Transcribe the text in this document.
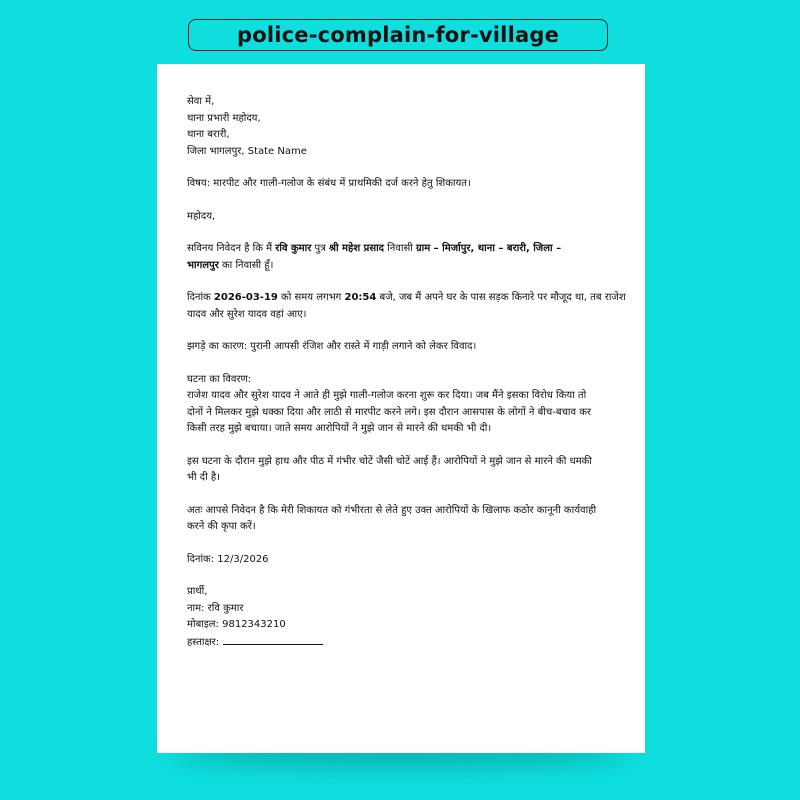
police-complain-for-village
सेवा में,
थाना प्रभारी महोदय,
थाना बरारी,
जिला भागलपुर, State Name
विषय: मारपीट और गाली-गलोज के संबंध में प्राथमिकी दर्ज करने हेतु शिकायत।
महोदय,
सविनय निवेदन है कि मैं रवि कुमार पुत्र श्री महेश प्रसाद निवासी ग्राम – मिर्जापुर, थाना – बरारी, जिला –
भागलपुर का निवासी हूँ।
दिनांक 2026-03-19 को समय लगभग 20:54 बजे, जब मैं अपने घर के पास सड़क किनारे पर मौजूद था, तब राजेश
यादव और सुरेश यादव वहां आए।
झगड़े का कारण: पुरानी आपसी रंजिश और रास्ते में गाड़ी लगाने को लेकर विवाद।
घटना का विवरण:
राजेश यादव और सुरेश यादव ने आते ही मुझे गाली-गलोज करना शुरू कर दिया। जब मैंने इसका विरोध किया तो
दोनों ने मिलकर मुझे धक्का दिया और लाठी से मारपीट करने लगे। इस दौरान आसपास के लोगों ने बीच-बचाव कर
किसी तरह मुझे बचाया। जाते समय आरोपियों ने मुझे जान से मारने की धमकी भी दी।
इस घटना के दौरान मुझे हाथ और पीठ में गंभीर चोटें जैसी चोटें आई हैं। आरोपियों ने मुझे जान से मारने की धमकी
भी दी है।
अतः आपसे निवेदन है कि मेरी शिकायत को गंभीरता से लेते हुए उक्त आरोपियों के खिलाफ कठोर कानूनी कार्यवाही
करने की कृपा करें।
दिनांक: 12/3/2026
प्रार्थी,
नाम: रवि कुमार
मोबाइल: 9812343210
हस्ताक्षर:
